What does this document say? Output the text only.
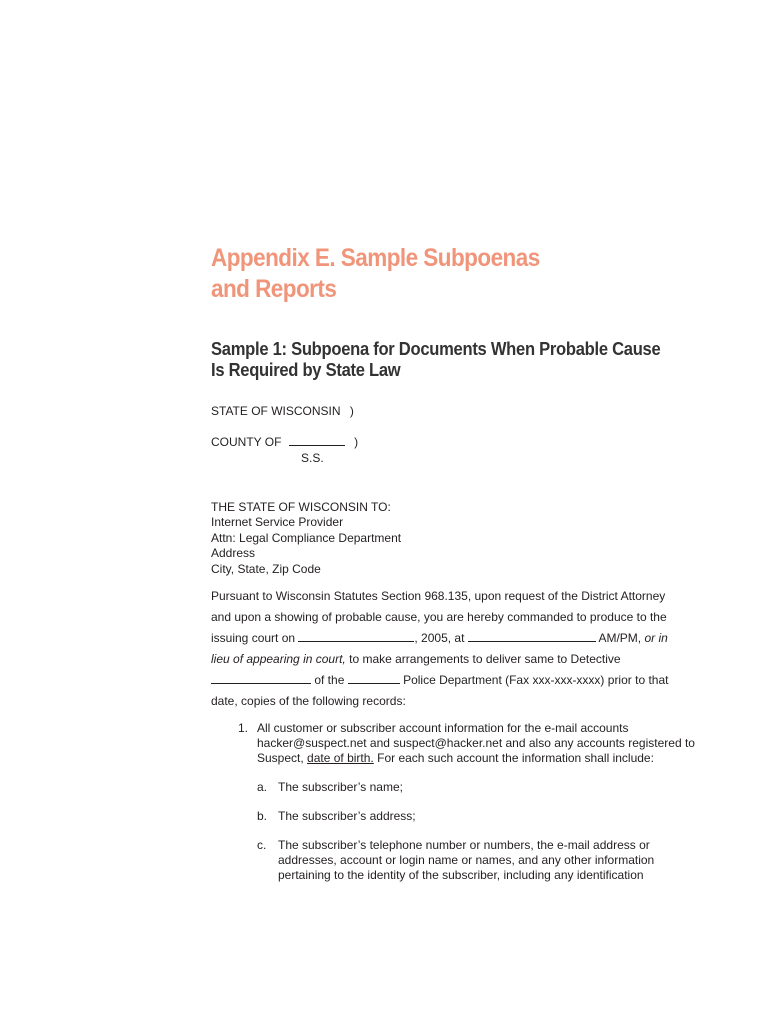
Appendix E. Sample Subpoenas
and Reports
Sample 1: Subpoena for Documents When Probable Cause
Is Required by State Law
STATE OF WISCONSIN )
COUNTY OF	)
S.S.
THE STATE OF WISCONSIN TO:
Internet Service Provider
Attn: Legal Compliance Department
Address
City, State, Zip Code
Pursuant to Wisconsin Statutes Section 968.135, upon request of the District Attorney
and upon a showing of probable cause, you are hereby commanded to produce to the
issuing court on	, 2005, at	AM/PM, or in
lieu of appearing in court, to make arrangements to deliver same to Detective
of the	Police Department (Fax xxx-xxx-xxxx) prior to that
date, copies of the following records:
1. All customer or subscriber account information for the e-mail accounts
hacker@suspect.net and suspect@hacker.net and also any accounts registered to
Suspect, date of birth. For each such account the information shall include:
a. The subscriber’s name;
b. The subscriber’s address;
c. The subscriber’s telephone number or numbers, the e-mail address or
addresses, account or login name or names, and any other information
pertaining to the identity of the subscriber, including any identification
